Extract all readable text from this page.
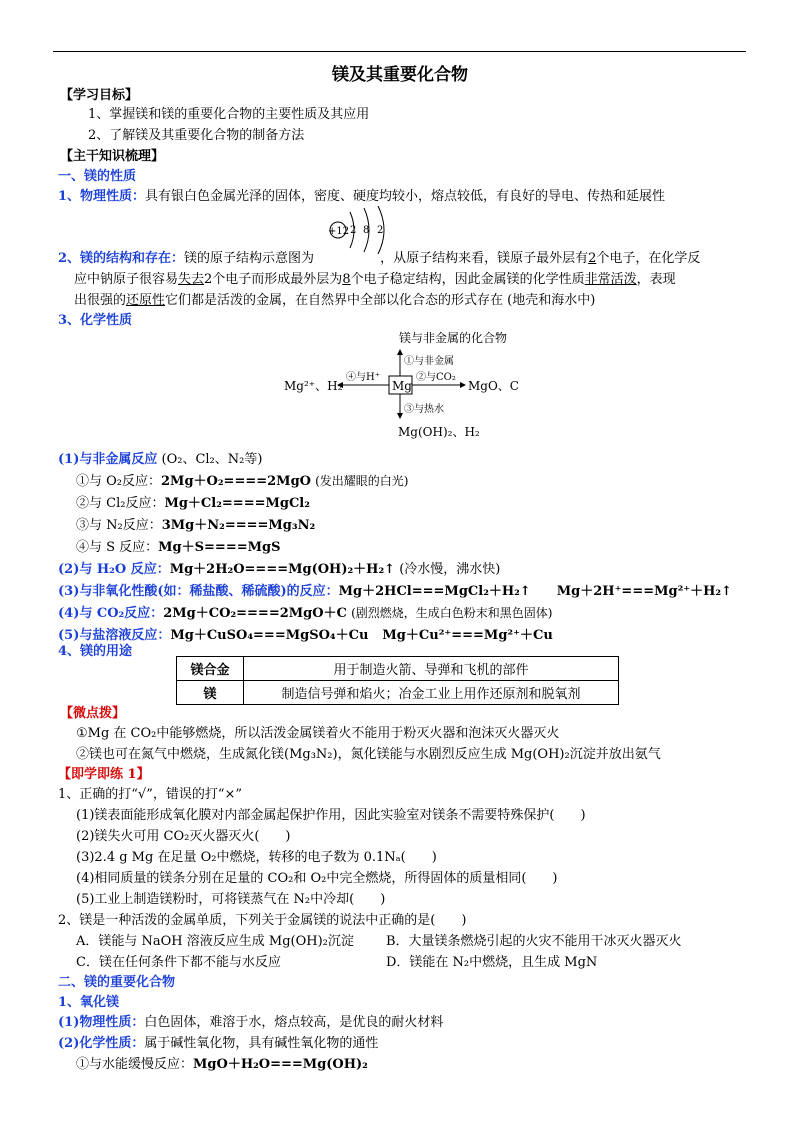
镁及其重要化合物
【学习目标】
1、掌握镁和镁的重要化合物的主要性质及其应用
2、了解镁及其重要化合物的制备方法
【主干知识梳理】
一、镁的性质
1、物理性质：具有银白色金属光泽的固体，密度、硬度均较小，熔点较低，有良好的导电、传热和延展性
+12 2 8 2
2、镁的结构和存在：镁的原子结构示意图为	，从原子结构来看，镁原子最外层有2个电子，在化学反
应中钠原子很容易失去2个电子而形成最外层为8个电子稳定结构，因此金属镁的化学性质非常活泼，表现
出很强的还原性它们都是活泼的金属，在自然界中全部以化合态的形式存在 (地壳和海水中)
3、化学性质
镁与非金属的化合物
Mg
①与非金属
②与CO₂
MgO、C
④与H⁺
Mg²⁺、H₂
③与热水
Mg(OH)₂、H₂
(1)与非金属反应 (O₂、Cl₂、N₂等)
①与 O₂反应：2Mg＋O₂====2MgO (发出耀眼的白光)
②与 Cl₂反应：Mg＋Cl₂====MgCl₂
③与 N₂反应：3Mg＋N₂====Mg₃N₂
④与 S 反应：Mg＋S====MgS
(2)与 H₂O 反应：Mg＋2H₂O====Mg(OH)₂＋H₂↑ (冷水慢，沸水快)
(3)与非氧化性酸(如：稀盐酸、稀硫酸)的反应：Mg＋2HCl===MgCl₂＋H₂↑ Mg＋2H⁺===Mg²⁺＋H₂↑
(4)与 CO₂反应：2Mg＋CO₂====2MgO＋C (剧烈燃烧，生成白色粉末和黑色固体)
(5)与盐溶液反应：Mg＋CuSO₄===MgSO₄＋Cu Mg＋Cu²⁺===Mg²⁺＋Cu
4、镁的用途
镁合金	用于制造火箭、导弹和飞机的部件
镁	制造信号弹和焰火；冶金工业上用作还原剂和脱氧剂
【微点拨】
①Mg 在 CO₂中能够燃烧，所以活泼金属镁着火不能用于粉灭火器和泡沫灭火器灭火
②镁也可在氮气中燃烧，生成氮化镁(Mg₃N₂)，氮化镁能与水剧烈反应生成 Mg(OH)₂沉淀并放出氨气
【即学即练 1】
1、正确的打“√”，错误的打“×”
(1)镁表面能形成氧化膜对内部金属起保护作用，因此实验室对镁条不需要特殊保护(　　)
(2)镁失火可用 CO₂灭火器灭火(　　)
(3)2.4 g Mg 在足量 O₂中燃烧，转移的电子数为 0.1Nₐ(　　)
(4)相同质量的镁条分别在足量的 CO₂和 O₂中完全燃烧，所得固体的质量相同(　　)
(5)工业上制造镁粉时，可将镁蒸气在 N₂中冷却(　　)
2、镁是一种活泼的金属单质，下列关于金属镁的说法中正确的是(　　)
A．镁能与 NaOH 溶液反应生成 Mg(OH)₂沉淀 B．大量镁条燃烧引起的火灾不能用干冰灭火器灭火
C．镁在任何条件下都不能与水反应	D．镁能在 N₂中燃烧，且生成 MgN
二、镁的重要化合物
1、氧化镁
(1)物理性质：白色固体，难溶于水，熔点较高，是优良的耐火材料
(2)化学性质：属于碱性氧化物，具有碱性氧化物的通性
①与水能缓慢反应：MgO＋H₂O===Mg(OH)₂
